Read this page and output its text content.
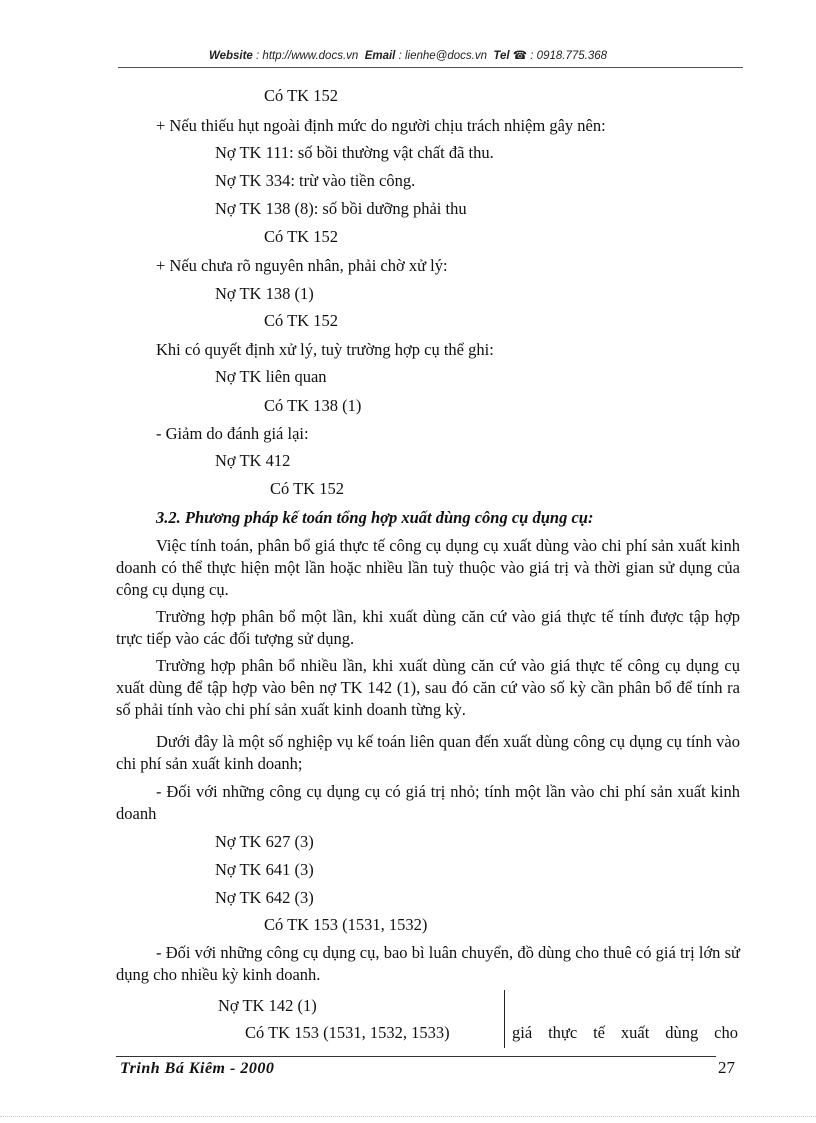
Website : http://www.docs.vn Email : lienhe@docs.vn Tel ☎ : 0918.775.368
Có TK 152
+ Nếu thiếu hụt ngoài định mức do người chịu trách nhiệm gây nên:
Nợ TK 111: số bồi thường vật chất đã thu.
Nợ TK 334: trừ vào tiền công.
Nợ TK 138 (8): số bồi dưỡng phải thu
Có TK 152
+ Nếu chưa rõ nguyên nhân, phải chờ xử lý:
Nợ TK 138 (1)
Có TK 152
Khi có quyết định xử lý, tuỳ trường hợp cụ thể ghi:
Nợ TK liên quan
Có TK 138 (1)
- Giảm do đánh giá lại:
Nợ TK 412
Có TK 152
3.2. Phương pháp kế toán tổng hợp xuất dùng công cụ dụng cụ:
Việc tính toán, phân bổ giá thực tế công cụ dụng cụ xuất dùng vào chi phí sản xuất kinh doanh có thể thực hiện một lần hoặc nhiều lần tuỳ thuộc vào giá trị và thời gian sử dụng của công cụ dụng cụ.
Trường hợp phân bổ một lần, khi xuất dùng căn cứ vào giá thực tế tính được tập hợp trực tiếp vào các đối tượng sử dụng.
Trường hợp phân bổ nhiều lần, khi xuất dùng căn cứ vào giá thực tế công cụ dụng cụ xuất dùng để tập hợp vào bên nợ TK 142 (1), sau đó căn cứ vào số kỳ cần phân bổ để tính ra số phải tính vào chi phí sản xuất kinh doanh từng kỳ.
Dưới đây là một số nghiệp vụ kế toán liên quan đến xuất dùng công cụ dụng cụ tính vào chi phí sản xuất kinh doanh;
- Đối với những công cụ dụng cụ có giá trị nhỏ; tính một lần vào chi phí sản xuất kinh doanh
Nợ TK 627 (3)
Nợ TK 641 (3)
Nợ TK 642 (3)
Có TK 153 (1531, 1532)
- Đối với những công cụ dụng cụ, bao bì luân chuyển, đồ dùng cho thuê có giá trị lớn sử dụng cho nhiều kỳ kinh doanh.
Nợ TK 142 (1)
Có TK 153 (1531, 1532, 1533)	giá thực tế xuất dùng cho
Trinh Bá Kiêm - 2000	27
